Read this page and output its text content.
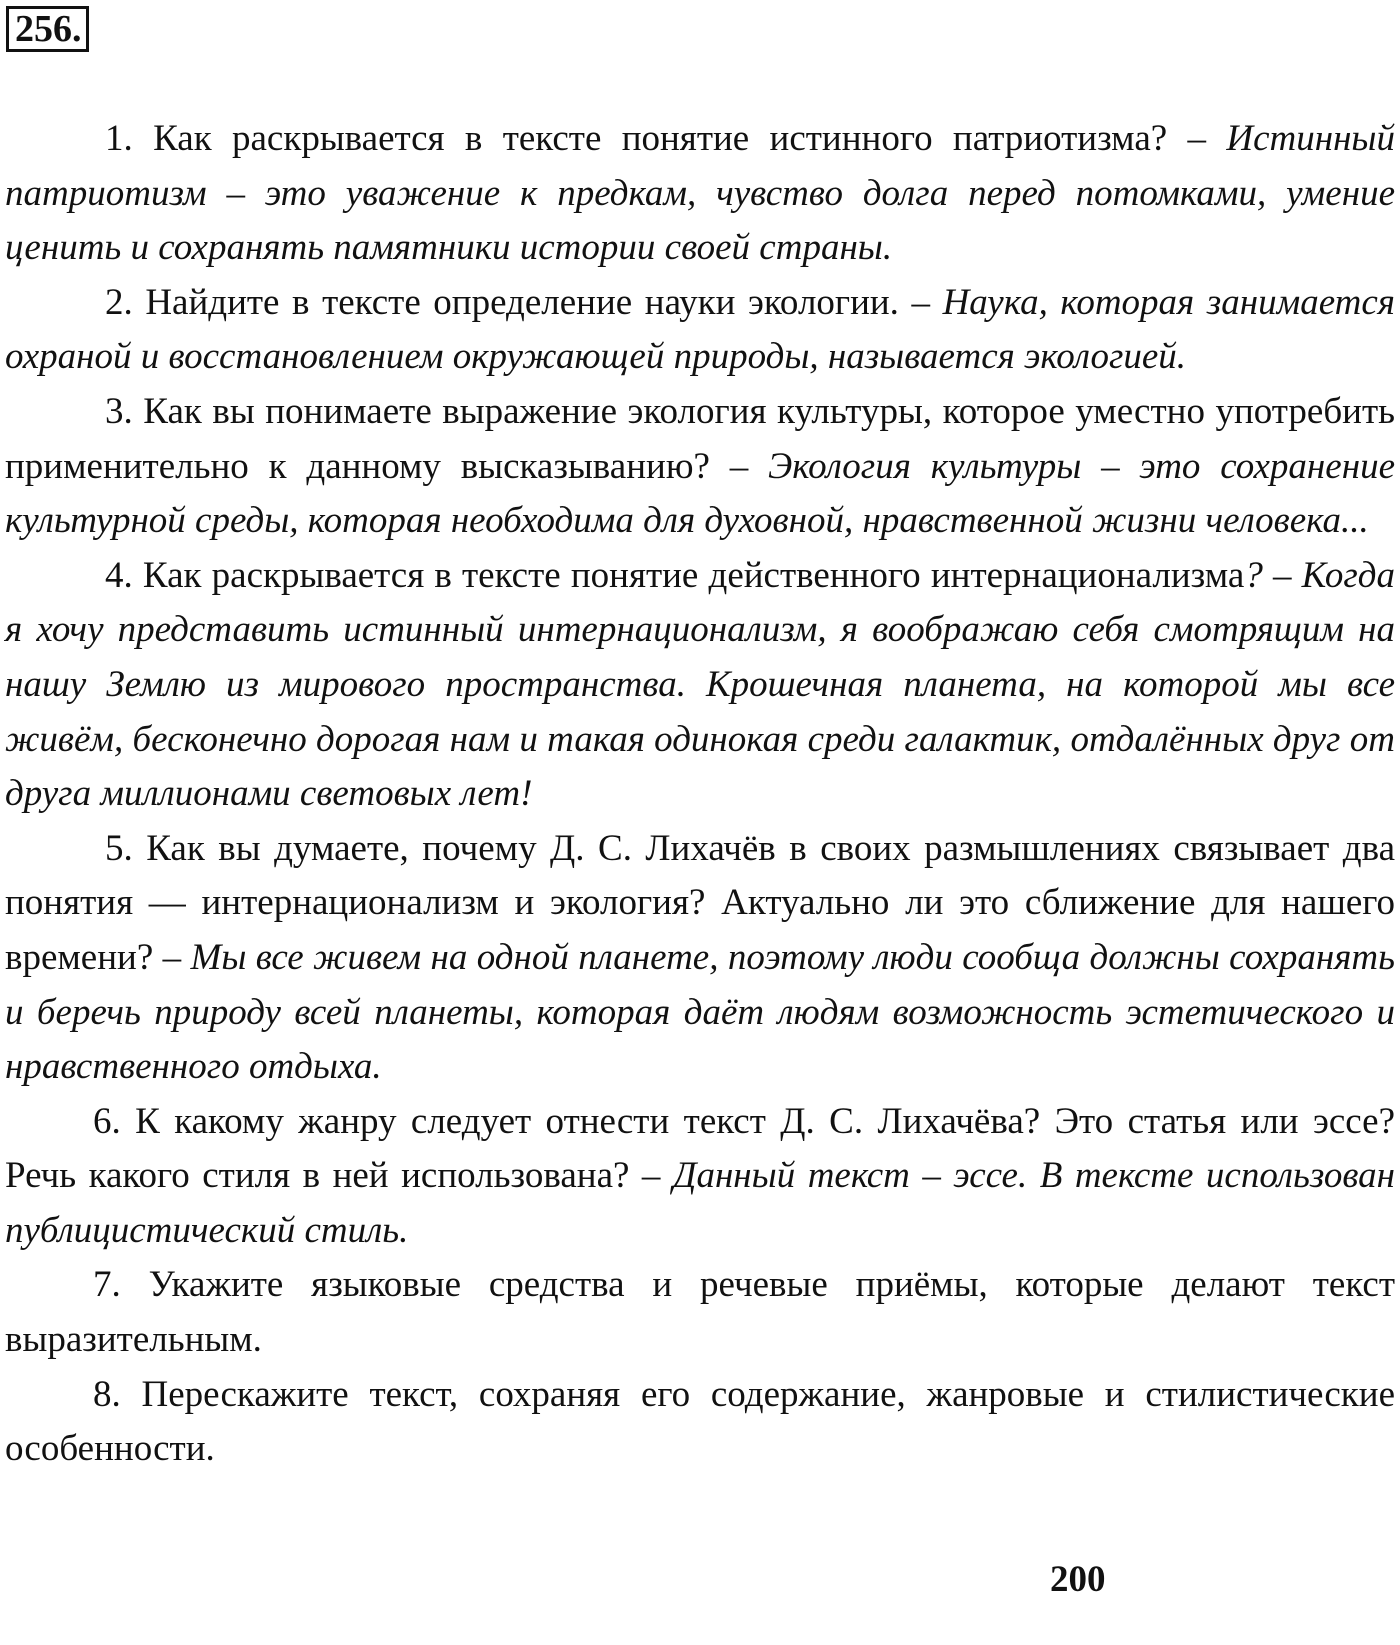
256.

1. Как раскрывается в тексте понятие истинного патриотизма? – Истинный патриотизм – это уважение к предкам, чувство долга перед потомками, умение ценить и сохранять памятники истории своей страны.

2. Найдите в тексте определение науки экологии. – Наука, которая занимается охраной и восстановлением окружающей природы, называется экологией.

3. Как вы понимаете выражение экология культуры, которое уместно употребить применительно к данному высказыванию? – Экология культуры – это сохранение культурной среды, которая необходима для духовной, нравственной жизни человека...

4. Как раскрывается в тексте понятие действенного интернационализма? – Когда я хочу представить истинный интернационализм, я воображаю себя смотрящим на нашу Землю из мирового пространства. Крошечная планета, на которой мы все живём, бесконечно дорогая нам и такая одинокая среди галактик, отдалённых друг от друга миллионами световых лет!

5. Как вы думаете, почему Д. С. Лихачёв в своих размышлениях связывает два понятия — интернационализм и экология? Актуально ли это сближение для нашего времени? – Мы все живем на одной планете, поэтому люди сообща должны сохранять и беречь природу всей планеты, которая даёт людям возможность эстетического и нравственного отдыха.

6. К какому жанру следует отнести текст Д. С. Лихачёва? Это статья или эссе? Речь какого стиля в ней использована? – Данный текст – эссе. В тексте использован публицистический стиль.

7. Укажите языковые средства и речевые приёмы, которые делают текст выразительным.

8. Перескажите текст, сохраняя его содержание, жанровые и стилистические особенности.

200
